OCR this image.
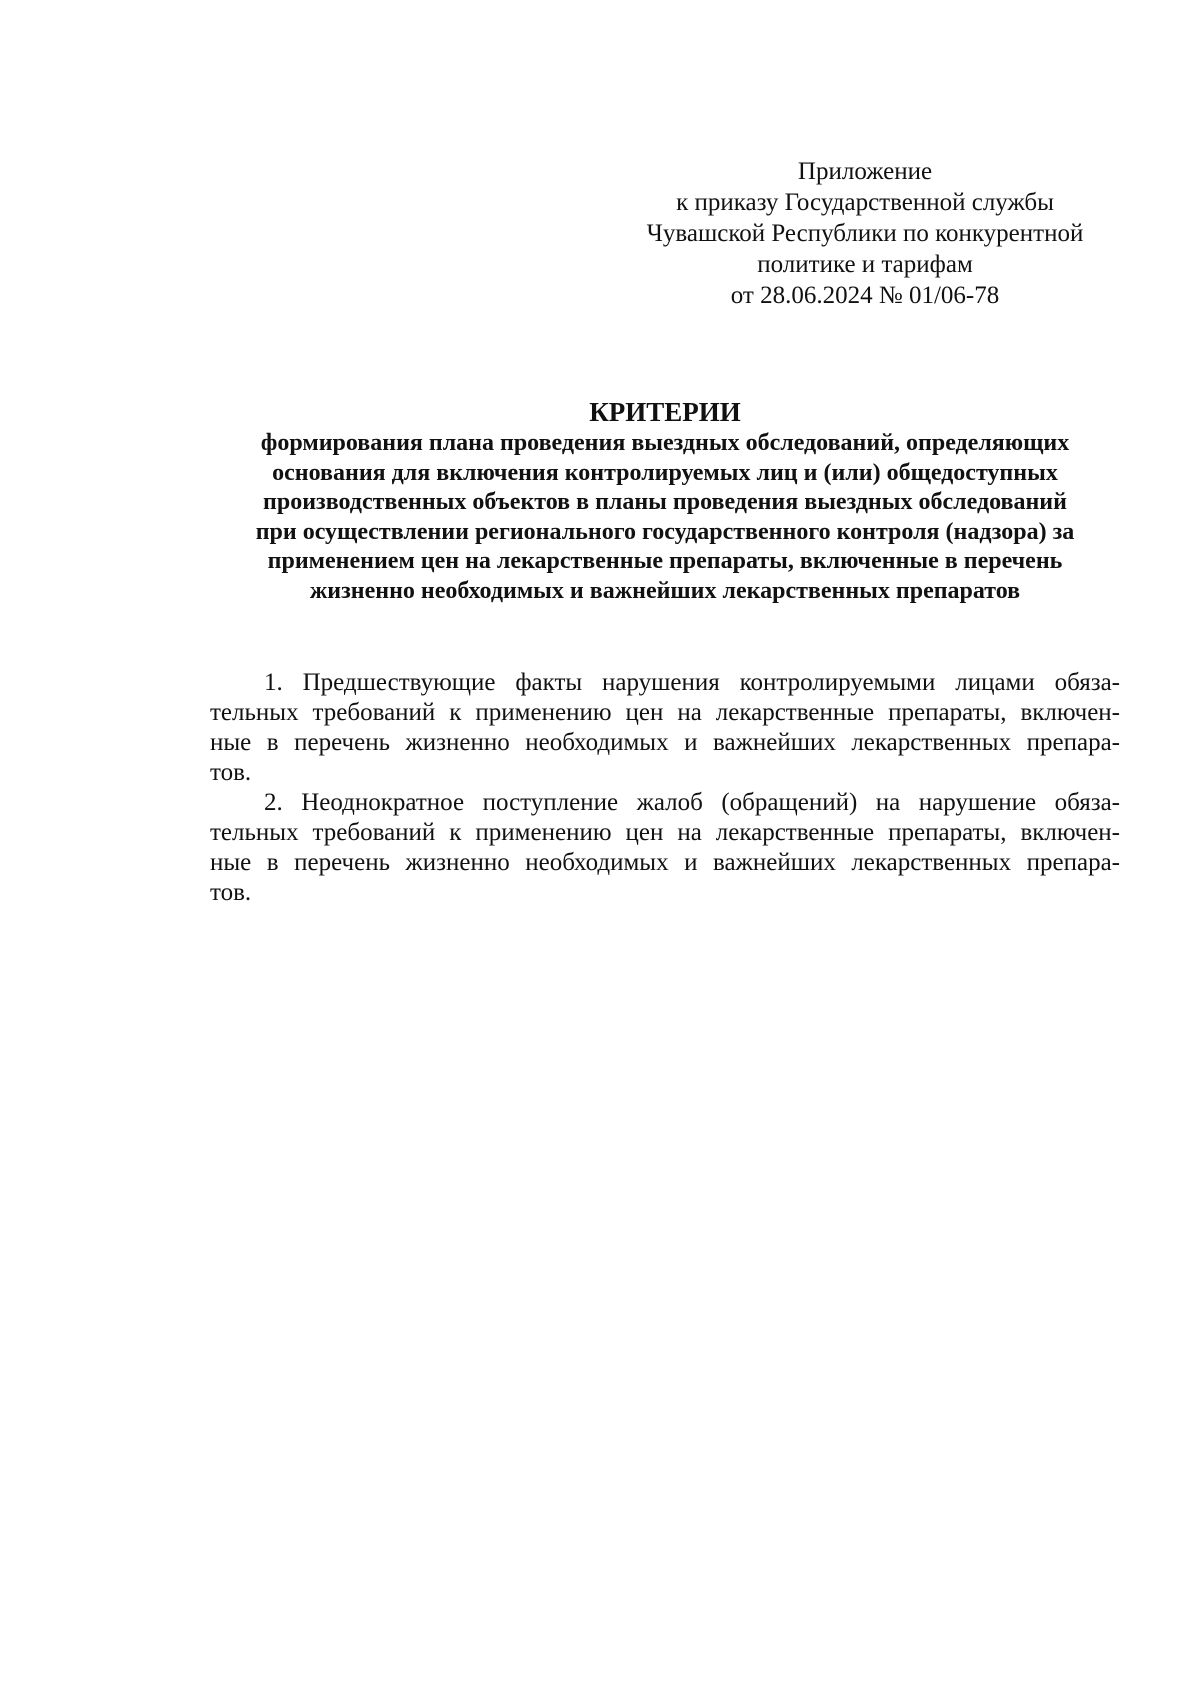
Приложение
к приказу Государственной службы
Чувашской Республики по конкурентной
политике и тарифам
от 28.06.2024 № 01/06-78
КРИТЕРИИ
формирования плана проведения выездных обследований, определяющих
основания для включения контролируемых лиц и (или) общедоступных
производственных объектов в планы проведения выездных обследований
при осуществлении регионального государственного контроля (надзора) за
применением цен на лекарственные препараты, включенные в перечень
жизненно необходимых и важнейших лекарственных препаратов
1. Предшествующие факты нарушения контролируемыми лицами обяза-
тельных требований к применению цен на лекарственные препараты, включен-
ные в перечень жизненно необходимых и важнейших лекарственных препара-
тов.
2. Неоднократное поступление жалоб (обращений) на нарушение обяза-
тельных требований к применению цен на лекарственные препараты, включен-
ные в перечень жизненно необходимых и важнейших лекарственных препара-
тов.
